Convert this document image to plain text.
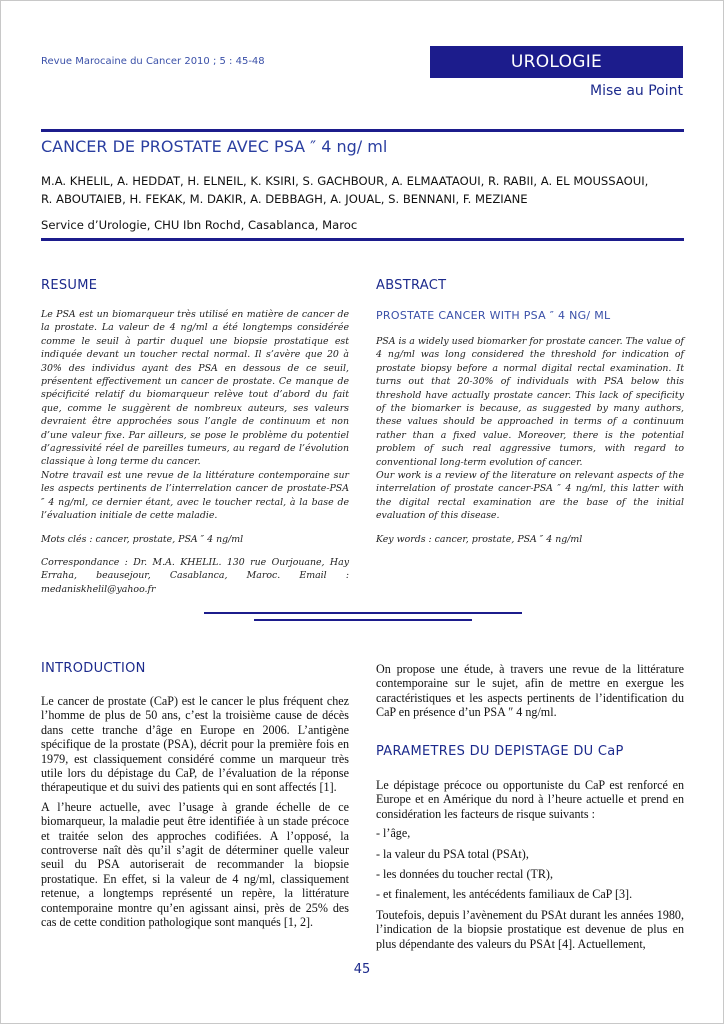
Revue Marocaine du Cancer 2010 ; 5 : 45-48	UROLOGIE
Mise au Point
CANCER DE PROSTATE AVEC PSA ″ 4 ng/ ml
M.A. KHELIL, A. HEDDAT, H. ELNEIL, K. KSIRI, S. GACHBOUR, A. ELMAATAOUI, R. RABII, A. EL MOUSSAOUI,
R. ABOUTAIEB, H. FEKAK, M. DAKIR, A. DEBBAGH, A. JOUAL, S. BENNANI, F. MEZIANE
Service d’Urologie, CHU Ibn Rochd, Casablanca, Maroc
RESUME

Le PSA est un biomarqueur très utilisé en matière de cancer de la prostate. La valeur de 4 ng/ml a été longtemps considérée comme le seuil à partir duquel une biopsie prostatique est indiquée devant un toucher rectal normal. Il s’avère que 20 à 30% des individus ayant des PSA en dessous de ce seuil, présentent effectivement un cancer de prostate. Ce manque de spécificité relatif du biomarqueur relève tout d’abord du fait que, comme le suggèrent de nombreux auteurs, ses valeurs devraient être approchées sous l’angle de continuum et non d’une valeur fixe. Par ailleurs, se pose le problème du potentiel d’agressivité réel de pareilles tumeurs, au regard de l’évolution classique à long terme du cancer.

Notre travail est une revue de la littérature contemporaine sur les aspects pertinents de l’interrelation cancer de prostate-PSA ″ 4 ng/ml, ce dernier étant, avec le toucher rectal, à la base de l’évaluation initiale de cette maladie.

Mots clés : cancer, prostate, PSA ″ 4 ng/ml

Correspondance : Dr. M.A. KHELIL. 130 rue Ourjouane, Hay Erraha, beausejour, Casablanca, Maroc. Email : medaniskhelil@yahoo.fr

ABSTRACT
PROSTATE CANCER WITH PSA ″ 4 NG/ ML

PSA is a widely used biomarker for prostate cancer. The value of 4 ng/ml was long considered the threshold for indication of prostate biopsy before a normal digital rectal examination. It turns out that 20-30% of individuals with PSA below this threshold have actually prostate cancer. This lack of specificity of the biomarker is because, as suggested by many authors, these values should be approached in terms of a continuum rather than a fixed value. Moreover, there is the potential problem of such real aggressive tumors, with regard to conventional long-term evolution of cancer.

Our work is a review of the literature on relevant aspects of the interrelation of prostate cancer-PSA ″ 4 ng/ml, this latter with the digital rectal examination are the base of the initial evaluation of this disease.

Key words : cancer, prostate, PSA ″ 4 ng/ml

INTRODUCTION

Le cancer de prostate (CaP) est le cancer le plus fréquent chez l’homme de plus de 50 ans, c’est la troisième cause de décès dans cette tranche d’âge en Europe en 2006. L’antigène spécifique de la prostate (PSA), décrit pour la première fois en 1979, est classiquement considéré comme un marqueur très utile lors du dépistage du CaP, de l’évaluation de la réponse thérapeutique et du suivi des patients qui en sont affectés [1].

A l’heure actuelle, avec l’usage à grande échelle de ce biomarqueur, la maladie peut être identifiée à un stade précoce et traitée selon des approches codifiées. A l’opposé, la controverse naît dès qu’il s’agit de déterminer quelle valeur seuil du PSA autoriserait de recommander la biopsie prostatique. En effet, si la valeur de 4 ng/ml, classiquement retenue, a longtemps représenté un repère, la littérature contemporaine montre qu’en agissant ainsi, près de 25% des cas de cette condition pathologique sont manqués [1, 2].

On propose une étude, à travers une revue de la littérature contemporaine sur le sujet, afin de mettre en exergue les caractéristiques et les aspects pertinents de l’identification du CaP en présence d’un PSA ″ 4 ng/ml.

PARAMETRES DU DEPISTAGE DU CaP

Le dépistage précoce ou opportuniste du CaP est renforcé en Europe et en Amérique du nord à l’heure actuelle et prend en considération les facteurs de risque suivants :

- l’âge,

- la valeur du PSA total (PSAt),

- les données du toucher rectal (TR),

- et finalement, les antécédents familiaux de CaP [3].

Toutefois, depuis l’avènement du PSAt durant les années 1980, l’indication de la biopsie prostatique est devenue de plus en plus dépendante des valeurs du PSAt [4]. Actuellement,

45
